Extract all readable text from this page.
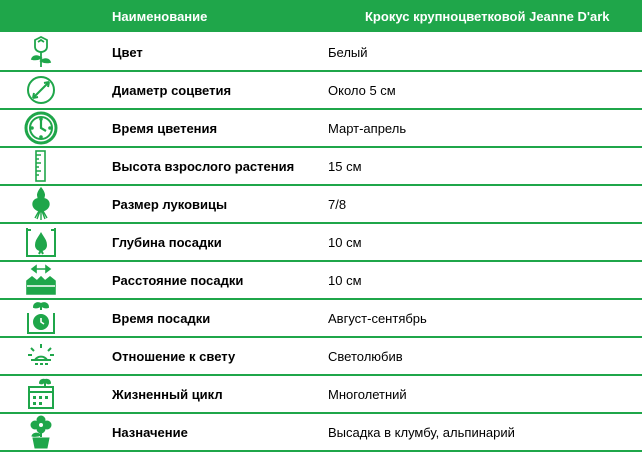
Наименование	Крокус крупноцветковой Jeanne D'ark
Цвет	Белый
Диаметр соцветия	Около 5 см
Время цветения	Март-апрель
Высота взрослого растения	15 см
Размер луковицы	7/8
Глубина посадки	10 см
Расстояние посадки	10 см
Время посадки	Август-сентябрь
Отношение к свету	Светолюбив
Жизненный цикл	Многолетний
Назначение	Высадка в клумбу, альпинарий
